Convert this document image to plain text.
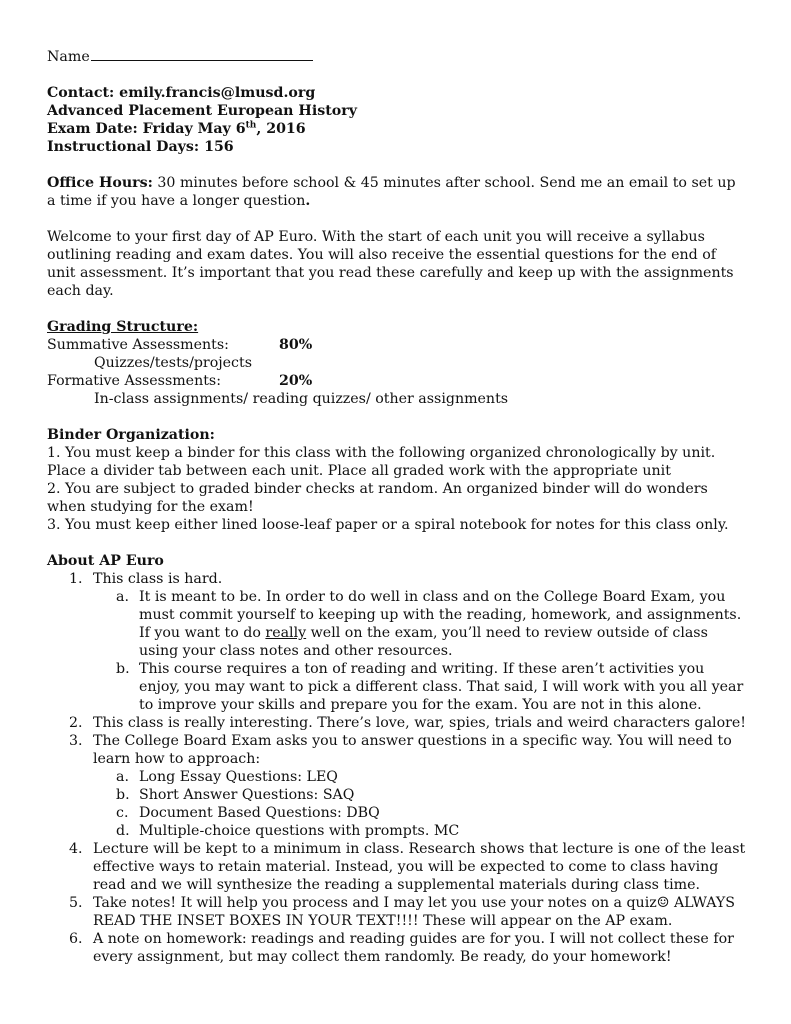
Name

Contact: emily.francis@lmusd.org

Advanced Placement European History

Exam Date: Friday May 6th, 2016

Instructional Days: 156

Office Hours: 30 minutes before school & 45 minutes after school. Send me an email to set up a time if you have a longer question.

Welcome to your first day of AP Euro. With the start of each unit you will receive a syllabus outlining reading and exam dates. You will also receive the essential questions for the end of unit assessment. It’s important that you read these carefully and keep up with the assignments each day.

Grading Structure:

Summative Assessments:	80%

Quizzes/tests/projects

Formative Assessments:	20%

In-class assignments/ reading quizzes/ other assignments

Binder Organization:

1. You must keep a binder for this class with the following organized chronologically by unit. Place a divider tab between each unit. Place all graded work with the appropriate unit

2. You are subject to graded binder checks at random. An organized binder will do wonders when studying for the exam!

3. You must keep either lined loose-leaf paper or a spiral notebook for notes for this class only.

About AP Euro

1. This class is hard.
a. It is meant to be. In order to do well in class and on the College Board Exam, you must commit yourself to keeping up with the reading, homework, and assignments. If you want to do really well on the exam, you’ll need to review outside of class using your class notes and other resources.
b. This course requires a ton of reading and writing. If these aren’t activities you enjoy, you may want to pick a different class. That said, I will work with you all year to improve your skills and prepare you for the exam. You are not in this alone.
2. This class is really interesting. There’s love, war, spies, trials and weird characters galore!
3. The College Board Exam asks you to answer questions in a specific way. You will need to learn how to approach:
a. Long Essay Questions: LEQ
b. Short Answer Questions: SAQ
c. Document Based Questions: DBQ
d. Multiple-choice questions with prompts. MC
4. Lecture will be kept to a minimum in class. Research shows that lecture is one of the least effective ways to retain material. Instead, you will be expected to come to class having read and we will synthesize the reading a supplemental materials during class time.
5. Take notes! It will help you process and I may let you use your notes on a quiz☺ ALWAYS READ THE INSET BOXES IN YOUR TEXT!!!! These will appear on the AP exam.
6. A note on homework: readings and reading guides are for you. I will not collect these for every assignment, but may collect them randomly. Be ready, do your homework!
